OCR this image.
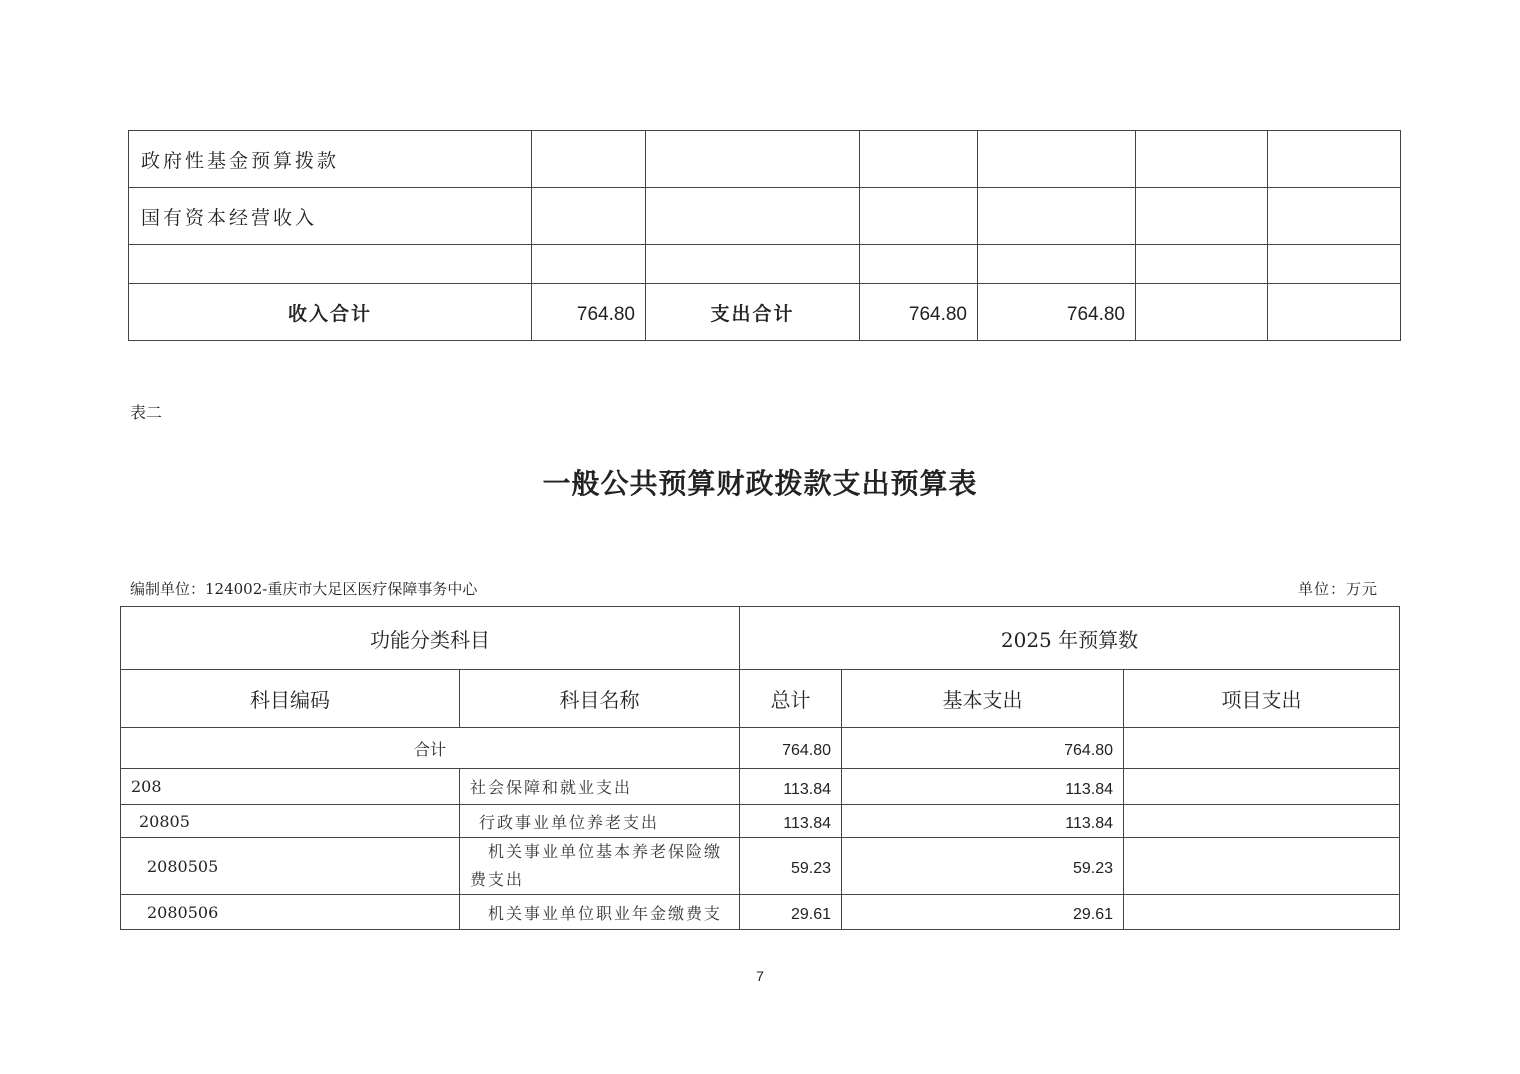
政府性基金预算拨款						
国有资本经营收入						

收入合计	764.80	支出合计	764.80	764.80		
表二
一般公共预算财政拨款支出预算表
编制单位：124002-重庆市大足区医疗保障事务中心	单位：万元
功能分类科目		2025 年预算数		
科目编码	科目名称	总计	基本支出	项目支出
合计		764.80	764.80	
208	社会保障和就业支出	113.84	113.84	
20805	行政事业单位养老支出	113.84	113.84	
2080505	机关事业单位基本养老保险缴费支出	59.23	59.23	
2080506	机关事业单位职业年金缴费支	29.61	29.61	
7
